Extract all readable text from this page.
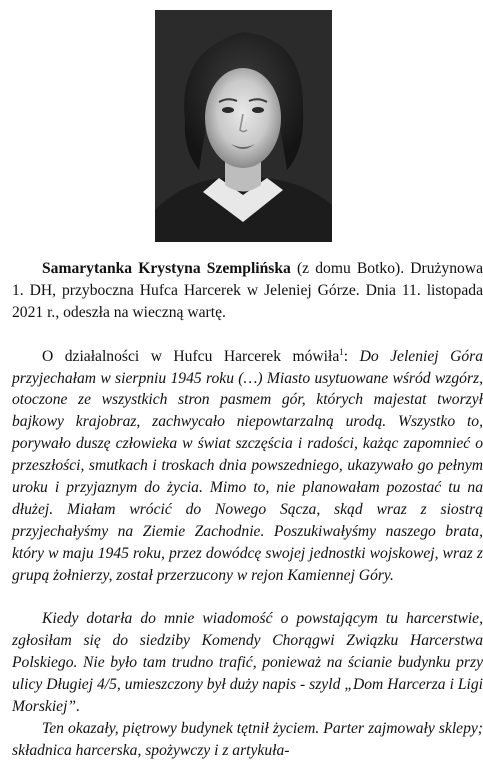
Samarytanka Krystyna Szemplińska (z domu Botko). Drużynowa 1. DH, przyboczna Hufca Harcerek w Jeleniej Górze. Dnia 11. listopada 2021 r., odeszła na wieczną wartę.

O działalności w Hufcu Harcerek mówiła$^1$: Do Jeleniej Góra przyjechałam w sierpniu 1945 roku (…) Miasto usytuowane wśród wzgórz, otoczone ze wszystkich stron pasmem gór, których majestat tworzył bajkowy krajobraz, zachwycało niepowtarzalną urodą. Wszystko to, porywało duszę człowieka w świat szczęścia i radości, każąc zapomnieć o przeszłości, smutkach i troskach dnia powszedniego, ukazywało go pełnym uroku i przyjaznym do życia. Mimo to, nie planowałam pozostać tu na dłużej. Miałam wrócić do Nowego Sącza, skąd wraz z siostrą przyjechałyśmy na Ziemie Zachodnie. Poszukiwałyśmy naszego brata, który w maju 1945 roku, przez dowódcę swojej jednostki wojskowej, wraz z grupą żołnierzy, został przerzucony w rejon Kamiennej Góry.

Kiedy dotarła do mnie wiadomość o powstającym tu harcerstwie, zgłosiłam się do siedziby Komendy Chorągwi Związku Harcerstwa Polskiego. Nie było tam trudno trafić, ponieważ na ścianie budynku przy ulicy Długiej 4/5, umieszczony był duży napis - szyld „Dom Harcerza i Ligi Morskiej”.

Ten okazały, piętrowy budynek tętnił życiem. Parter zajmowały sklepy; składnica harcerska, spożywczy i z artykuła-
